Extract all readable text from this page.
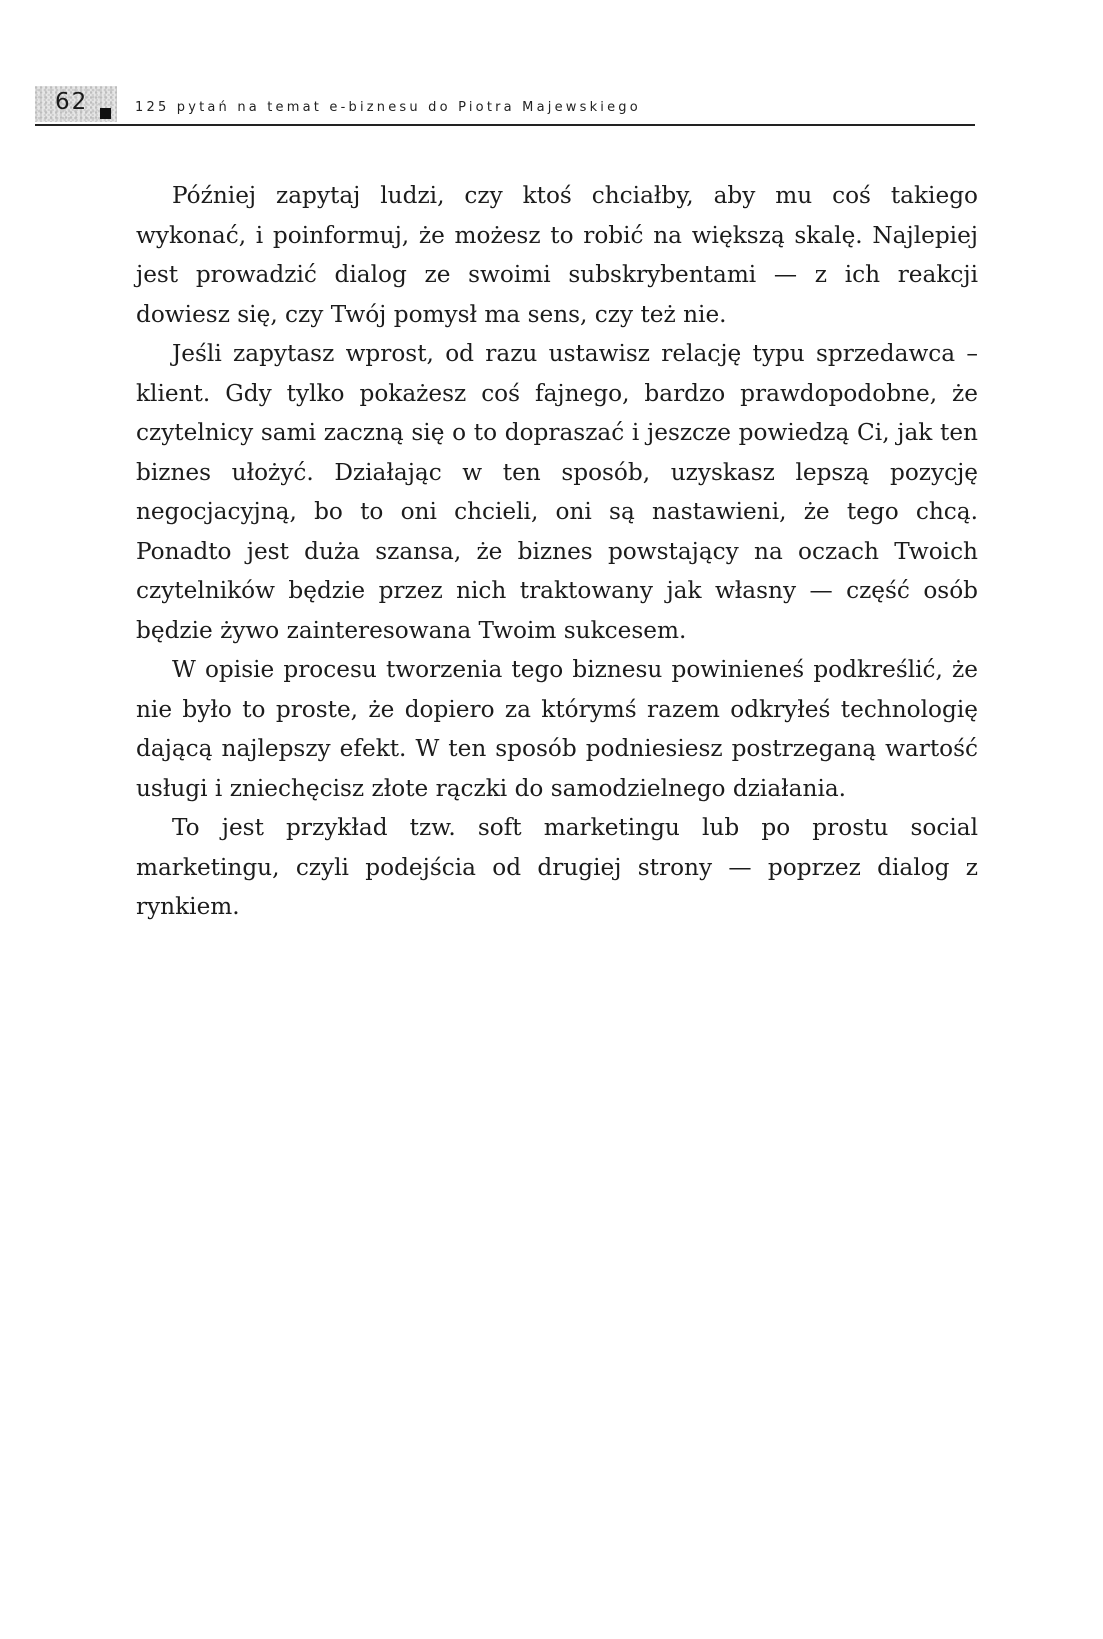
62	125 pytań na temat e-biznesu do Piotra Majewskiego

Później zapytaj ludzi, czy ktoś chciałby, aby mu coś takiego wykonać, i poinformuj, że możesz to robić na większą skalę. Najlepiej jest prowadzić dialog ze swoimi subskrybentami — z ich reakcji dowiesz się, czy Twój pomysł ma sens, czy też nie.

Jeśli zapytasz wprost, od razu ustawisz relację typu sprzedawca – klient. Gdy tylko pokażesz coś fajnego, bardzo prawdopodobne, że czytelnicy sami zaczną się o to dopraszać i jeszcze powiedzą Ci, jak ten biznes ułożyć. Działając w ten sposób, uzyskasz lepszą pozycję negocjacyjną, bo to oni chcieli, oni są nastawieni, że tego chcą. Ponadto jest duża szansa, że biznes powstający na oczach Twoich czytelników będzie przez nich traktowany jak własny — część osób będzie żywo zainteresowana Twoim sukcesem.

W opisie procesu tworzenia tego biznesu powinieneś podkreślić, że nie było to proste, że dopiero za którymś razem odkryłeś technologię dającą najlepszy efekt. W ten sposób podniesiesz postrzeganą wartość usługi i zniechęcisz złote rączki do samodzielnego działania.

To jest przykład tzw. soft marketingu lub po prostu social marketingu, czyli podejścia od drugiej strony — poprzez dialog z rynkiem.
